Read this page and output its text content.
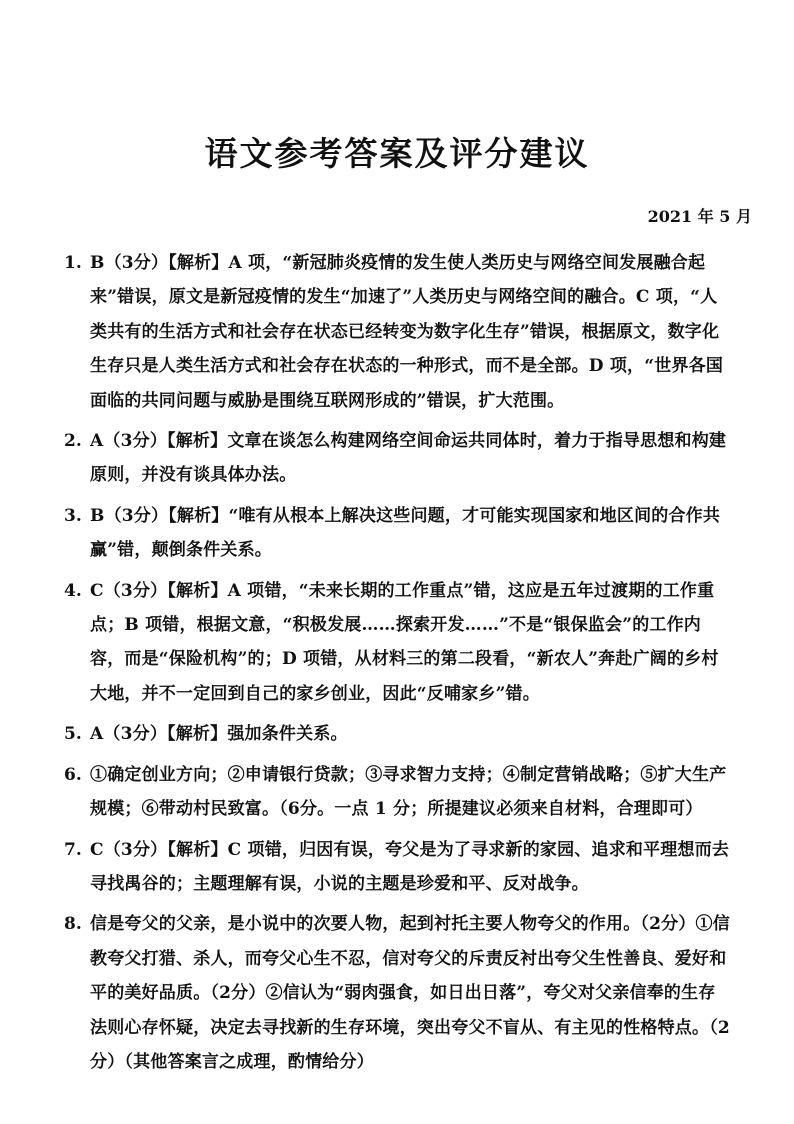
语文参考答案及评分建议
2021 年 5 月
1. B（3分）【解析】A 项，“新冠肺炎疫情的发生使人类历史与网络空间发展融合起来”错误，原文是新冠疫情的发生“加速了”人类历史与网络空间的融合。C 项，“人类共有的生活方式和社会存在状态已经转变为数字化生存”错误，根据原文，数字化生存只是人类生活方式和社会存在状态的一种形式，而不是全部。D 项，“世界各国面临的共同问题与威胁是围绕互联网形成的”错误，扩大范围。
2. A（3分）【解析】文章在谈怎么构建网络空间命运共同体时，着力于指导思想和构建原则，并没有谈具体办法。
3. B（3分）【解析】“唯有从根本上解决这些问题，才可能实现国家和地区间的合作共赢”错，颠倒条件关系。
4. C（3分）【解析】A 项错，“未来长期的工作重点”错，这应是五年过渡期的工作重点；B 项错，根据文意，“积极发展……探索开发……”不是“银保监会”的工作内容，而是“保险机构”的；D 项错，从材料三的第二段看，“新农人”奔赴广阔的乡村大地，并不一定回到自己的家乡创业，因此“反哺家乡”错。
5. A（3分）【解析】强加条件关系。
6. ①确定创业方向；②申请银行贷款；③寻求智力支持；④制定营销战略；⑤扩大生产规模；⑥带动村民致富。（6分。一点 1 分；所提建议必须来自材料，合理即可）
7. C（3分）【解析】C 项错，归因有误，夸父是为了寻求新的家园、追求和平理想而去寻找禺谷的；主题理解有误，小说的主题是珍爱和平、反对战争。
8. 信是夸父的父亲，是小说中的次要人物，起到衬托主要人物夸父的作用。（2分）①信教夸父打猎、杀人，而夸父心生不忍，信对夸父的斥责反衬出夸父生性善良、爱好和平的美好品质。（2分）②信认为“弱肉强食，如日出日落”，夸父对父亲信奉的生存法则心存怀疑，决定去寻找新的生存环境，突出夸父不盲从、有主见的性格特点。（2分）（其他答案言之成理，酌情给分）
